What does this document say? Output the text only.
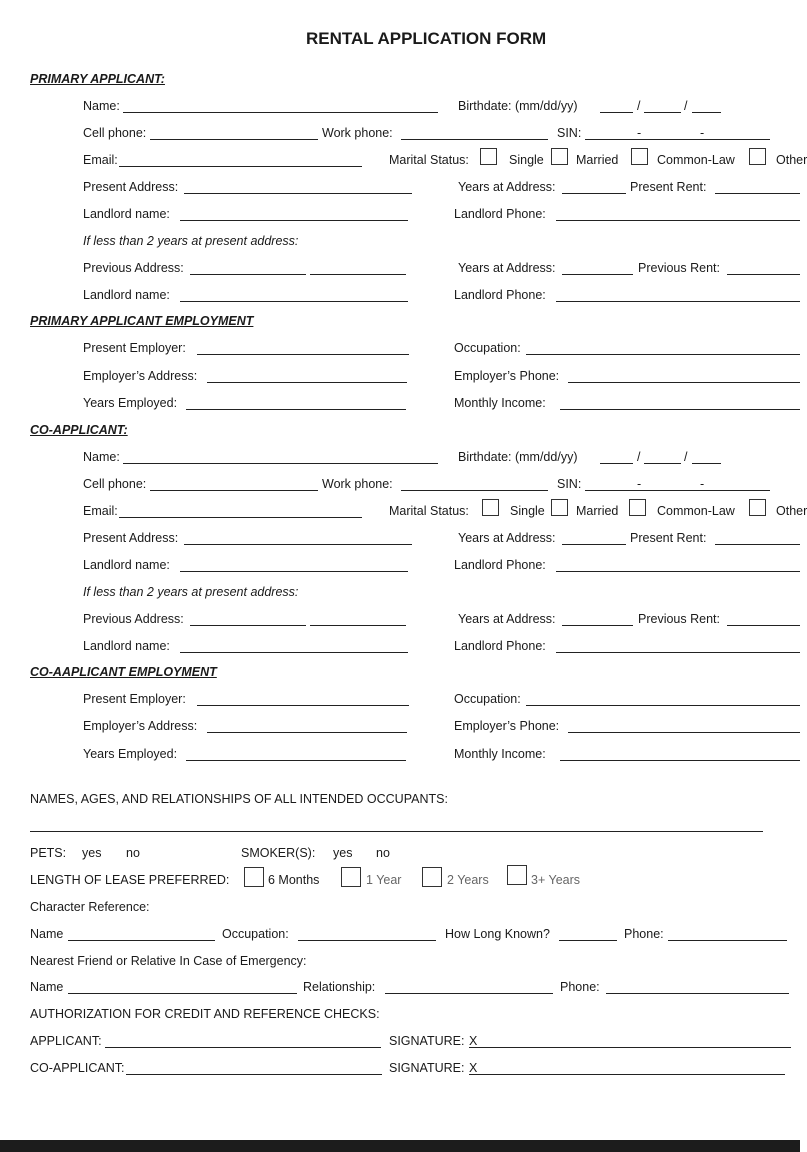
RENTAL APPLICATION FORM
PRIMARY APPLICANT:
Name:	Birthdate: (mm/dd/yy)	/	/
Cell phone:	Work phone:	SIN:	-	-
Email:	Marital Status:	Single	Married	Common-Law	Other
Present Address:	Years at Address:	Present Rent:
Landlord name:	Landlord Phone:
If less than 2 years at present address:
Previous Address:	Years at Address:	Previous Rent:
Landlord name:	Landlord Phone:
PRIMARY APPLICANT EMPLOYMENT
Present Employer:	Occupation:
Employer’s Address:	Employer’s Phone:
Years Employed:	Monthly Income:
CO-APPLICANT:
Name:	Birthdate: (mm/dd/yy)	/	/
Cell phone:	Work phone:	SIN:	-	-
Email:	Marital Status:	Single	Married	Common-Law	Other
Present Address:	Years at Address:	Present Rent:
Landlord name:	Landlord Phone:
If less than 2 years at present address:
Previous Address:	Years at Address:	Previous Rent:
Landlord name:	Landlord Phone:
CO-AAPLICANT EMPLOYMENT
Present Employer:	Occupation:
Employer’s Address:	Employer’s Phone:
Years Employed:	Monthly Income:
NAMES, AGES, AND RELATIONSHIPS OF ALL INTENDED OCCUPANTS:
PETS: yes no	SMOKER(S): yes no
LENGTH OF LEASE PREFERRED:	6 Months	1 Year	2 Years	3+ Years
Character Reference:
Name	Occupation:	How Long Known?	Phone:
Nearest Friend or Relative In Case of Emergency:
Name	Relationship:	Phone:
AUTHORIZATION FOR CREDIT AND REFERENCE CHECKS:
APPLICANT:	SIGNATURE: X
CO-APPLICANT:	SIGNATURE: X
